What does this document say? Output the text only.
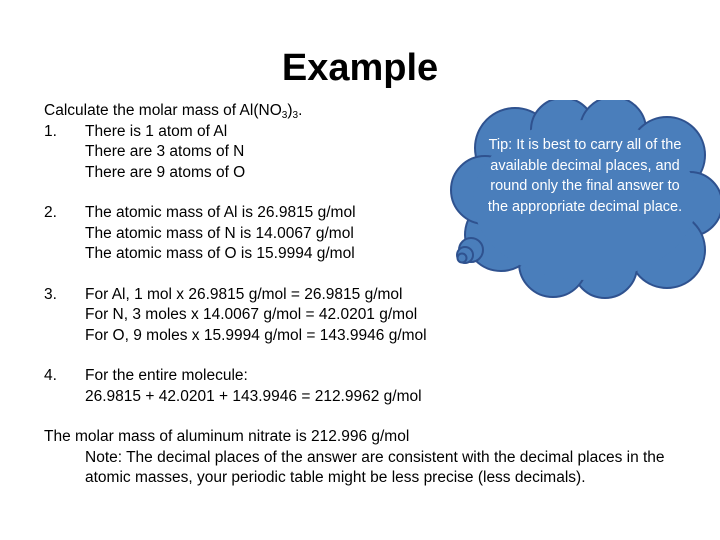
Example

Calculate the molar mass of $Al(NO_3)_3$.

1. There is 1 atom of Al
There are 3 atoms of N
There are 9 atoms of O
2. The atomic mass of Al is 26.9815 g/mol
The atomic mass of N is 14.0067 g/mol
The atomic mass of O is 15.9994 g/mol
3. For Al, 1 mol x 26.9815 g/mol = 26.9815 g/mol
For N, 3 moles x 14.0067 g/mol = 42.0201 g/mol
For O, 9 moles x 15.9994 g/mol = 143.9946 g/mol
4. For the entire molecule:
26.9815 + 42.0201 + 143.9946 = 212.9962 g/mol

The molar mass of aluminum nitrate is 212.996 g/mol

Note: The decimal places of the answer are consistent with the decimal places in the atomic masses, your periodic table might be less precise (less decimals).
Tip: It is best to carry all of the available decimal places, and round only the final answer to the appropriate decimal place.
